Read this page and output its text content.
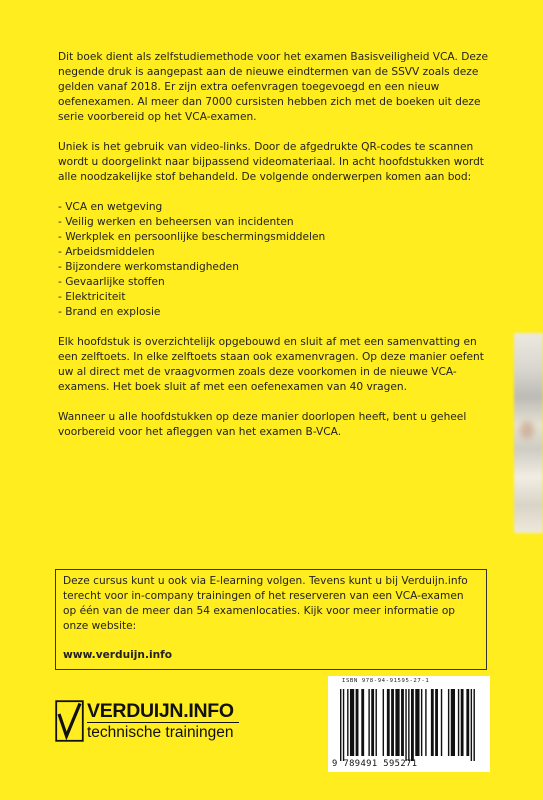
Dit boek dient als zelfstudiemethode voor het examen Basisveiligheid VCA. Deze negende druk is aangepast aan de nieuwe eindtermen van de SSVV zoals deze gelden vanaf 2018. Er zijn extra oefenvragen toegevoegd en een nieuw oefenexamen. Al meer dan 7000 cursisten hebben zich met de boeken uit deze serie voorbereid op het VCA-examen.

Uniek is het gebruik van video-links. Door de afgedrukte QR-codes te scannen wordt u doorgelinkt naar bijpassend videomateriaal. In acht hoofdstukken wordt alle noodzakelijke stof behandeld. De volgende onderwerpen komen aan bod:

- VCA en wetgeving
- Veilig werken en beheersen van incidenten
- Werkplek en persoonlijke beschermingsmiddelen
- Arbeidsmiddelen
- Bijzondere werkomstandigheden
- Gevaarlijke stoffen
- Elektriciteit
- Brand en explosie

Elk hoofdstuk is overzichtelijk opgebouwd en sluit af met een samenvatting en een zelftoets. In elke zelftoets staan ook examenvragen. Op deze manier oefent uw al direct met de vraagvormen zoals deze voorkomen in de nieuwe VCA-examens. Het boek sluit af met een oefenexamen van 40 vragen.

Wanneer u alle hoofdstukken op deze manier doorlopen heeft, bent u geheel voorbereid voor het afleggen van het examen B-VCA.

Deze cursus kunt u ook via E-learning volgen. Tevens kunt u bij Verduijn.info terecht voor in-company trainingen of het reserveren van een VCA-examen op één van de meer dan 54 examenlocaties. Kijk voor meer informatie op onze website:

www.verduijn.info

VERDUIJN.INFO
technische trainingen
ISBN 978-94-91595-27-1
9 789491 595271
